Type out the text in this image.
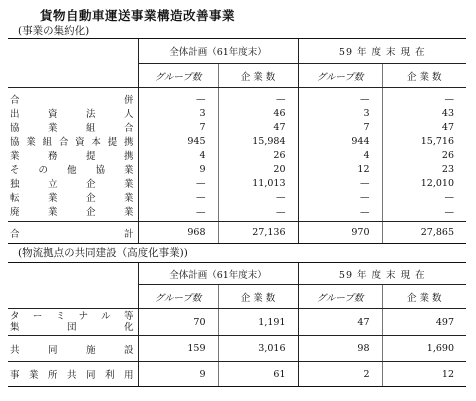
貨物自動車運送事業構造改善事業
(事業の集約化)
	全体計画（61年度末）		59 年 度 末 現 在	
	グループ数	企 業 数	グループ数	企 業 数
合併	—	—	—	—
出資法人	3	46	3	43
協業組合	7	47	7	47
協業組合資本提携	945	15,984	944	15,716
業務提携	4	26	4	26
その他協業	9	20	12	23
独立企業	—	11,013	—	12,010
転業企業	—	—	—	—
廃業企業	—	—	—	—
合計	968	27,136	970	27,865
(物流拠点の共同建設（高度化事業))
	全体計画（61年度末）		59 年 度 末 現 在	
	グループ数	企 業 数	グループ数	企 業 数

ターミナル等
集団化	70	1,191	47	497
共同施設	159	3,016	98	1,690
事業所共同利用	9	61	2	12
